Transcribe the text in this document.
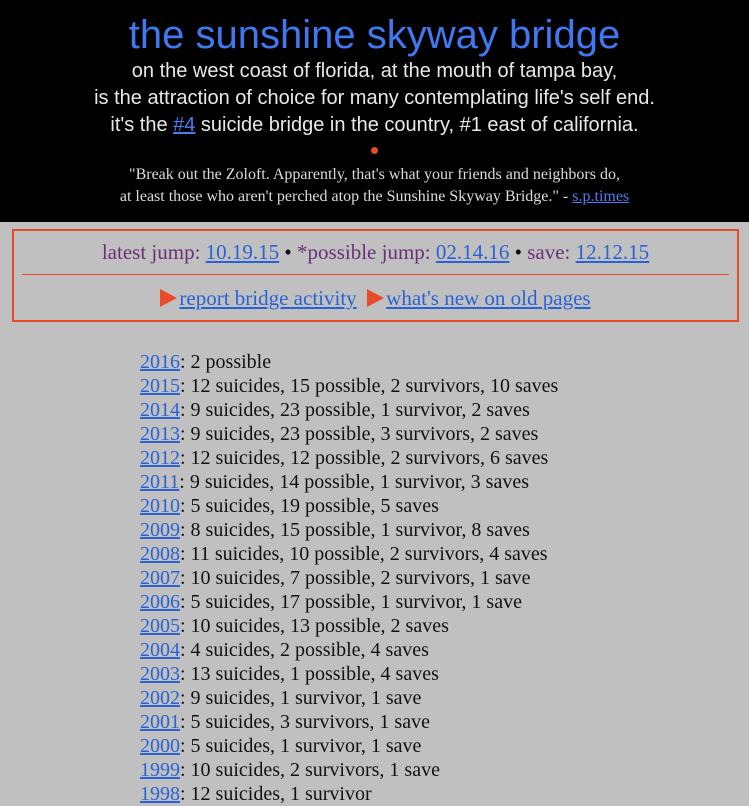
the sunshine skyway bridge
on the west coast of florida, at the mouth of tampa bay,
is the attraction of choice for many contemplating life's self end.
it's the #4 suicide bridge in the country, #1 east of california.
"Break out the Zoloft. Apparently, that's what your friends and neighbors do,
at least those who aren't perched atop the Sunshine Skyway Bridge." - s.p.times
latest jump: 10.19.15 • *possible jump: 02.14.16 • save: 12.12.15
report bridge activity what's new on old pages
2016: 2 possible
2015: 12 suicides, 15 possible, 2 survivors, 10 saves
2014: 9 suicides, 23 possible, 1 survivor, 2 saves
2013: 9 suicides, 23 possible, 3 survivors, 2 saves
2012: 12 suicides, 12 possible, 2 survivors, 6 saves
2011: 9 suicides, 14 possible, 1 survivor, 3 saves
2010: 5 suicides, 19 possible, 5 saves
2009: 8 suicides, 15 possible, 1 survivor, 8 saves
2008: 11 suicides, 10 possible, 2 survivors, 4 saves
2007: 10 suicides, 7 possible, 2 survivors, 1 save
2006: 5 suicides, 17 possible, 1 survivor, 1 save
2005: 10 suicides, 13 possible, 2 saves
2004: 4 suicides, 2 possible, 4 saves
2003: 13 suicides, 1 possible, 4 saves
2002: 9 suicides, 1 survivor, 1 save
2001: 5 suicides, 3 survivors, 1 save
2000: 5 suicides, 1 survivor, 1 save
1999: 10 suicides, 2 survivors, 1 save
1998: 12 suicides, 1 survivor
